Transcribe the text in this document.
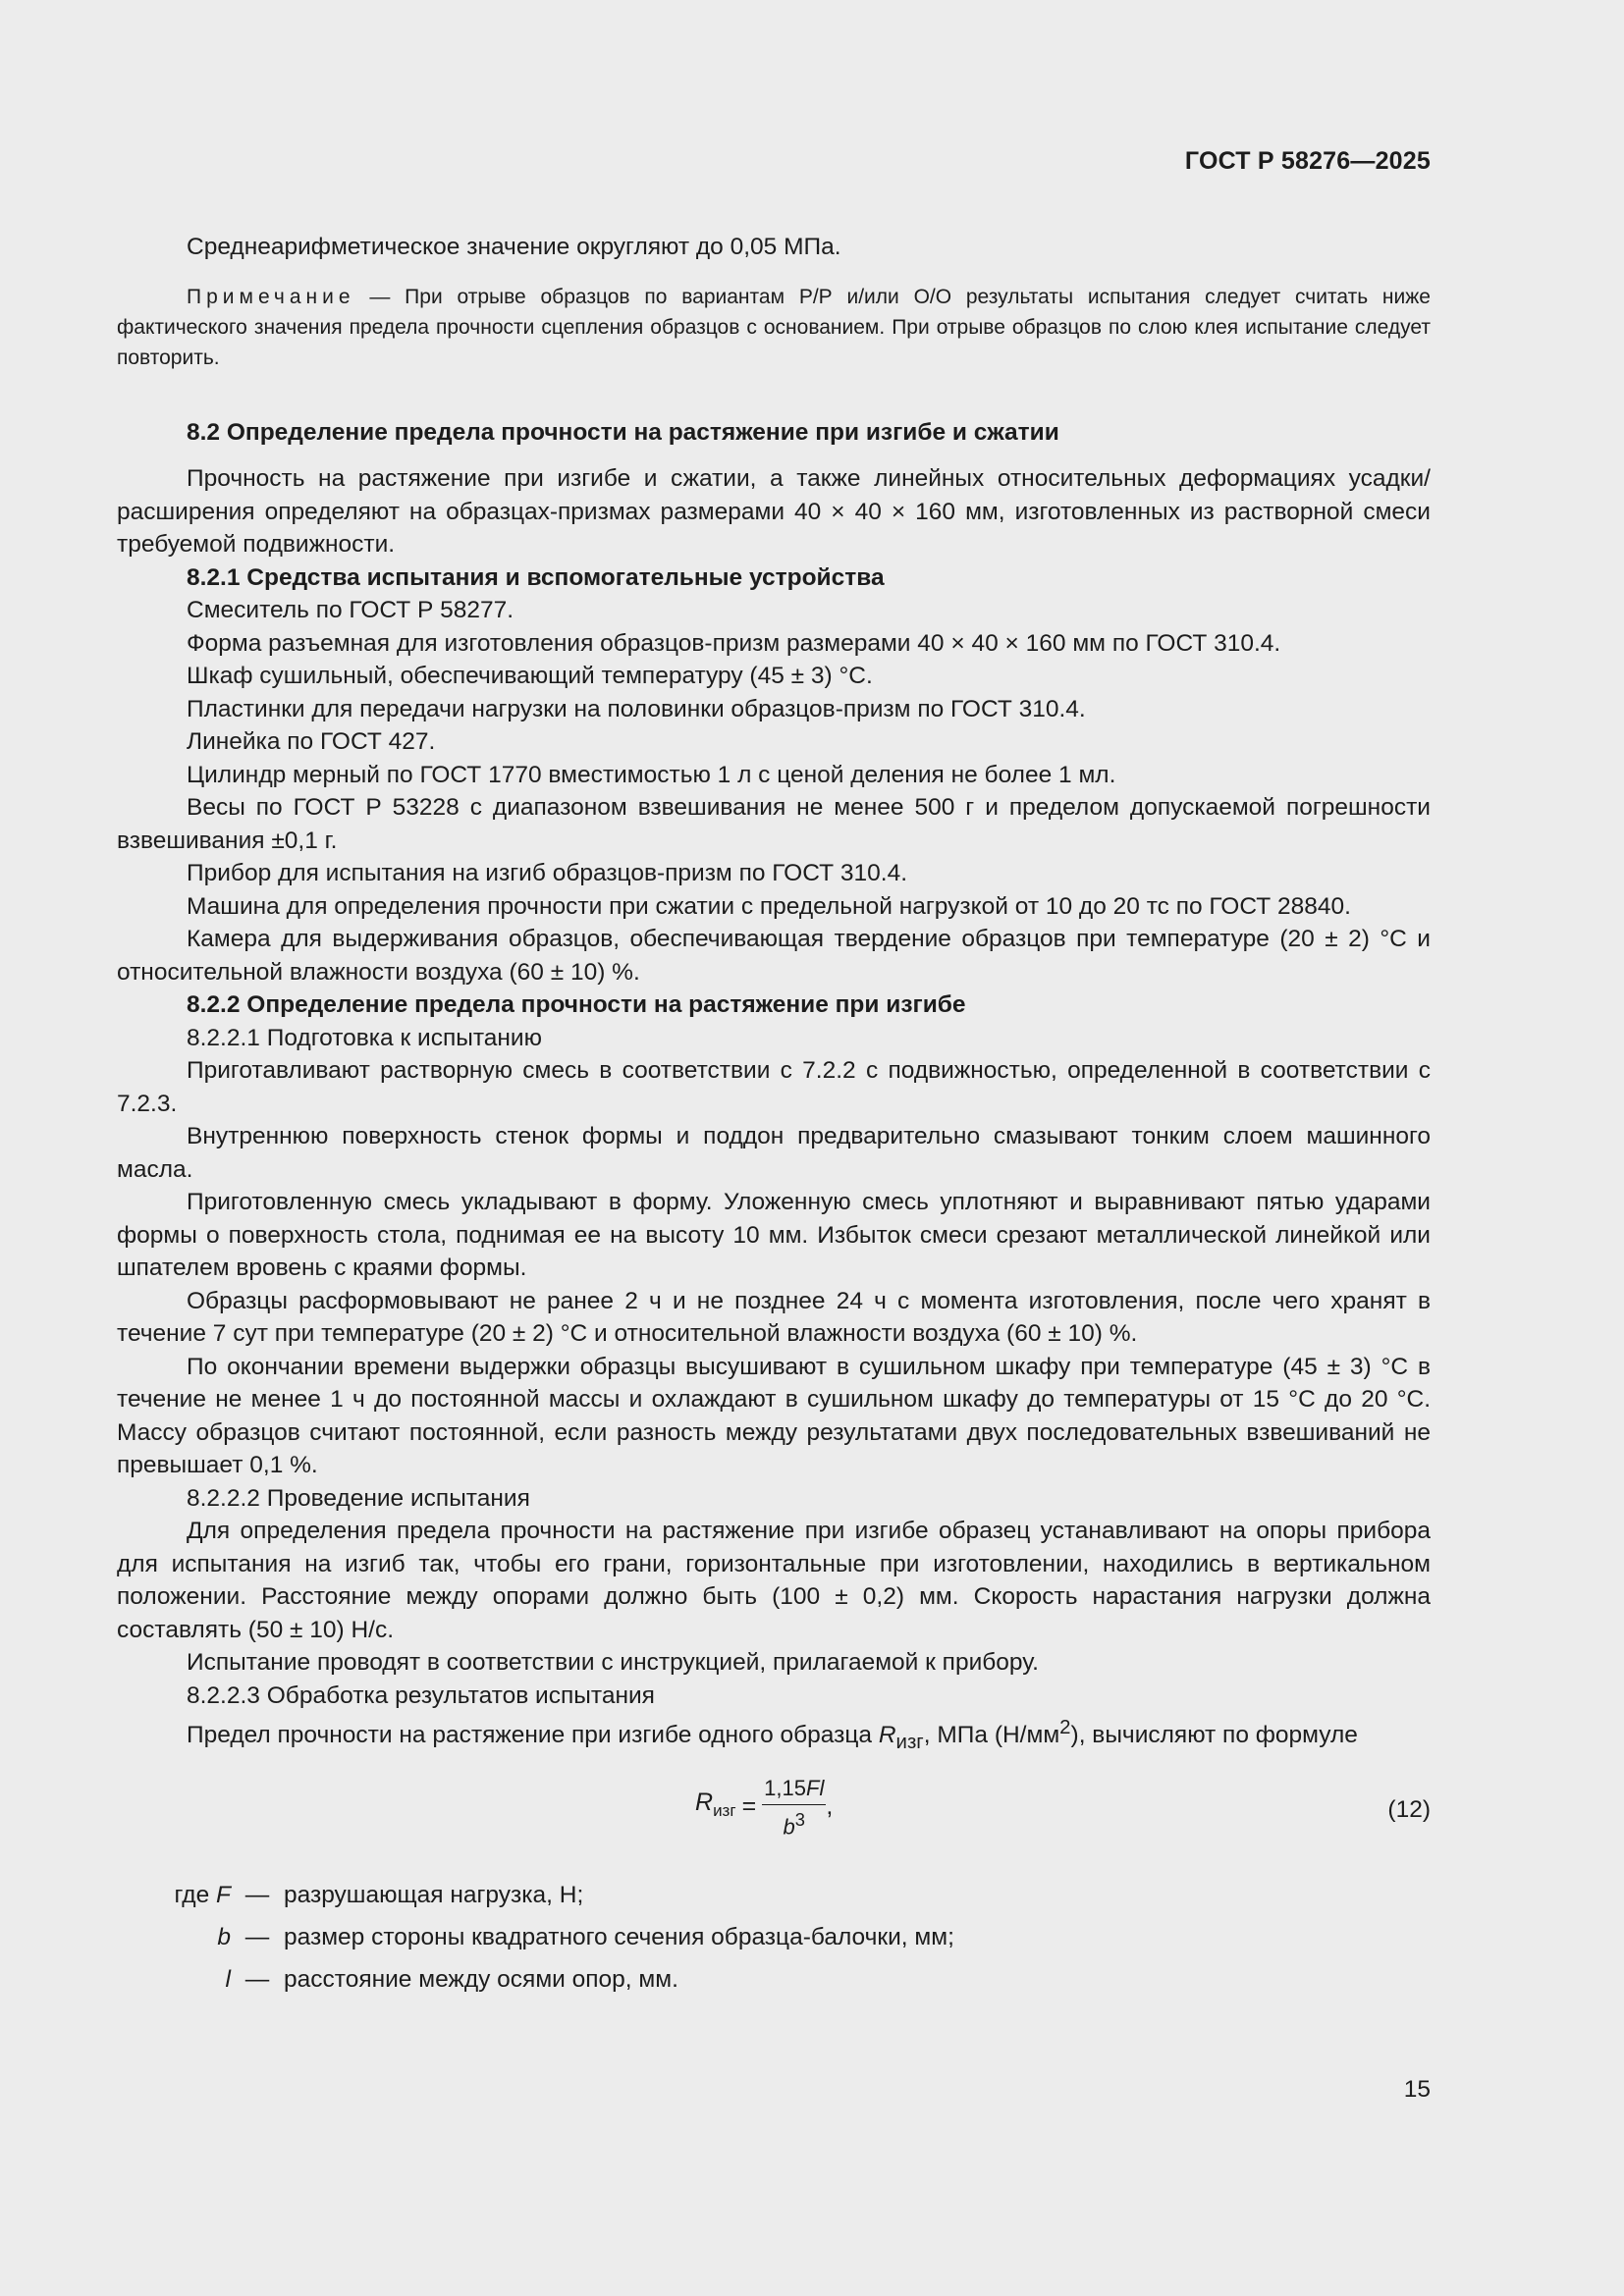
ГОСТ Р 58276—2025

Среднеарифметическое значение округляют до 0,05 МПа.

Примечание — При отрыве образцов по вариантам Р/Р и/или О/О результаты испытания следует считать ниже фактического значения предела прочности сцепления образцов с основанием. При отрыве образцов по слою клея испытание следует повторить.

8.2 Определение предела прочности на растяжение при изгибе и сжатии

Прочность на растяжение при изгибе и сжатии, а также линейных относительных деформациях усадки/расширения определяют на образцах-призмах размерами 40 × 40 × 160 мм, изготовленных из растворной смеси требуемой подвижности.

8.2.1 Средства испытания и вспомогательные устройства

Смеситель по ГОСТ Р 58277.

Форма разъемная для изготовления образцов-призм размерами 40 × 40 × 160 мм по ГОСТ 310.4.

Шкаф сушильный, обеспечивающий температуру (45 ± 3) °С.

Пластинки для передачи нагрузки на половинки образцов-призм по ГОСТ 310.4.

Линейка по ГОСТ 427.

Цилиндр мерный по ГОСТ 1770 вместимостью 1 л с ценой деления не более 1 мл.

Весы по ГОСТ Р 53228 с диапазоном взвешивания не менее 500 г и пределом допускаемой погрешности взвешивания ±0,1 г.

Прибор для испытания на изгиб образцов-призм по ГОСТ 310.4.

Машина для определения прочности при сжатии с предельной нагрузкой от 10 до 20 тс по ГОСТ 28840.

Камера для выдерживания образцов, обеспечивающая твердение образцов при температуре (20 ± 2) °С и относительной влажности воздуха (60 ± 10) %.

8.2.2 Определение предела прочности на растяжение при изгибе

8.2.2.1 Подготовка к испытанию

Приготавливают растворную смесь в соответствии с 7.2.2 с подвижностью, определенной в соответствии с 7.2.3.

Внутреннюю поверхность стенок формы и поддон предварительно смазывают тонким слоем машинного масла.

Приготовленную смесь укладывают в форму. Уложенную смесь уплотняют и выравнивают пятью ударами формы о поверхность стола, поднимая ее на высоту 10 мм. Избыток смеси срезают металлической линейкой или шпателем вровень с краями формы.

Образцы расформовывают не ранее 2 ч и не позднее 24 ч с момента изготовления, после чего хранят в течение 7 сут при температуре (20 ± 2) °С и относительной влажности воздуха (60 ± 10) %.

По окончании времени выдержки образцы высушивают в сушильном шкафу при температуре (45 ± 3) °С в течение не менее 1 ч до постоянной массы и охлаждают в сушильном шкафу до температуры от 15 °С до 20 °С. Массу образцов считают постоянной, если разность между результатами двух последовательных взвешиваний не превышает 0,1 %.

8.2.2.2 Проведение испытания

Для определения предела прочности на растяжение при изгибе образец устанавливают на опоры прибора для испытания на изгиб так, чтобы его грани, горизонтальные при изготовлении, находились в вертикальном положении. Расстояние между опорами должно быть (100 ± 0,2) мм. Скорость нарастания нагрузки должна составлять (50 ± 10) Н/с.

Испытание проводят в соответствии с инструкцией, прилагаемой к прибору.

8.2.2.3 Обработка результатов испытания

Предел прочности на растяжение при изгибе одного образца $R_{изг}$, МПа $(Н/мм^2)$, вычисляют по формуле

$R_{изг} = \frac{1,15Fl}{b^3}$ ,	(12)
где F — разрушающая нагрузка, Н;
b — размер стороны квадратного сечения образца-балочки, мм;
l — расстояние между осями опор, мм.
15
